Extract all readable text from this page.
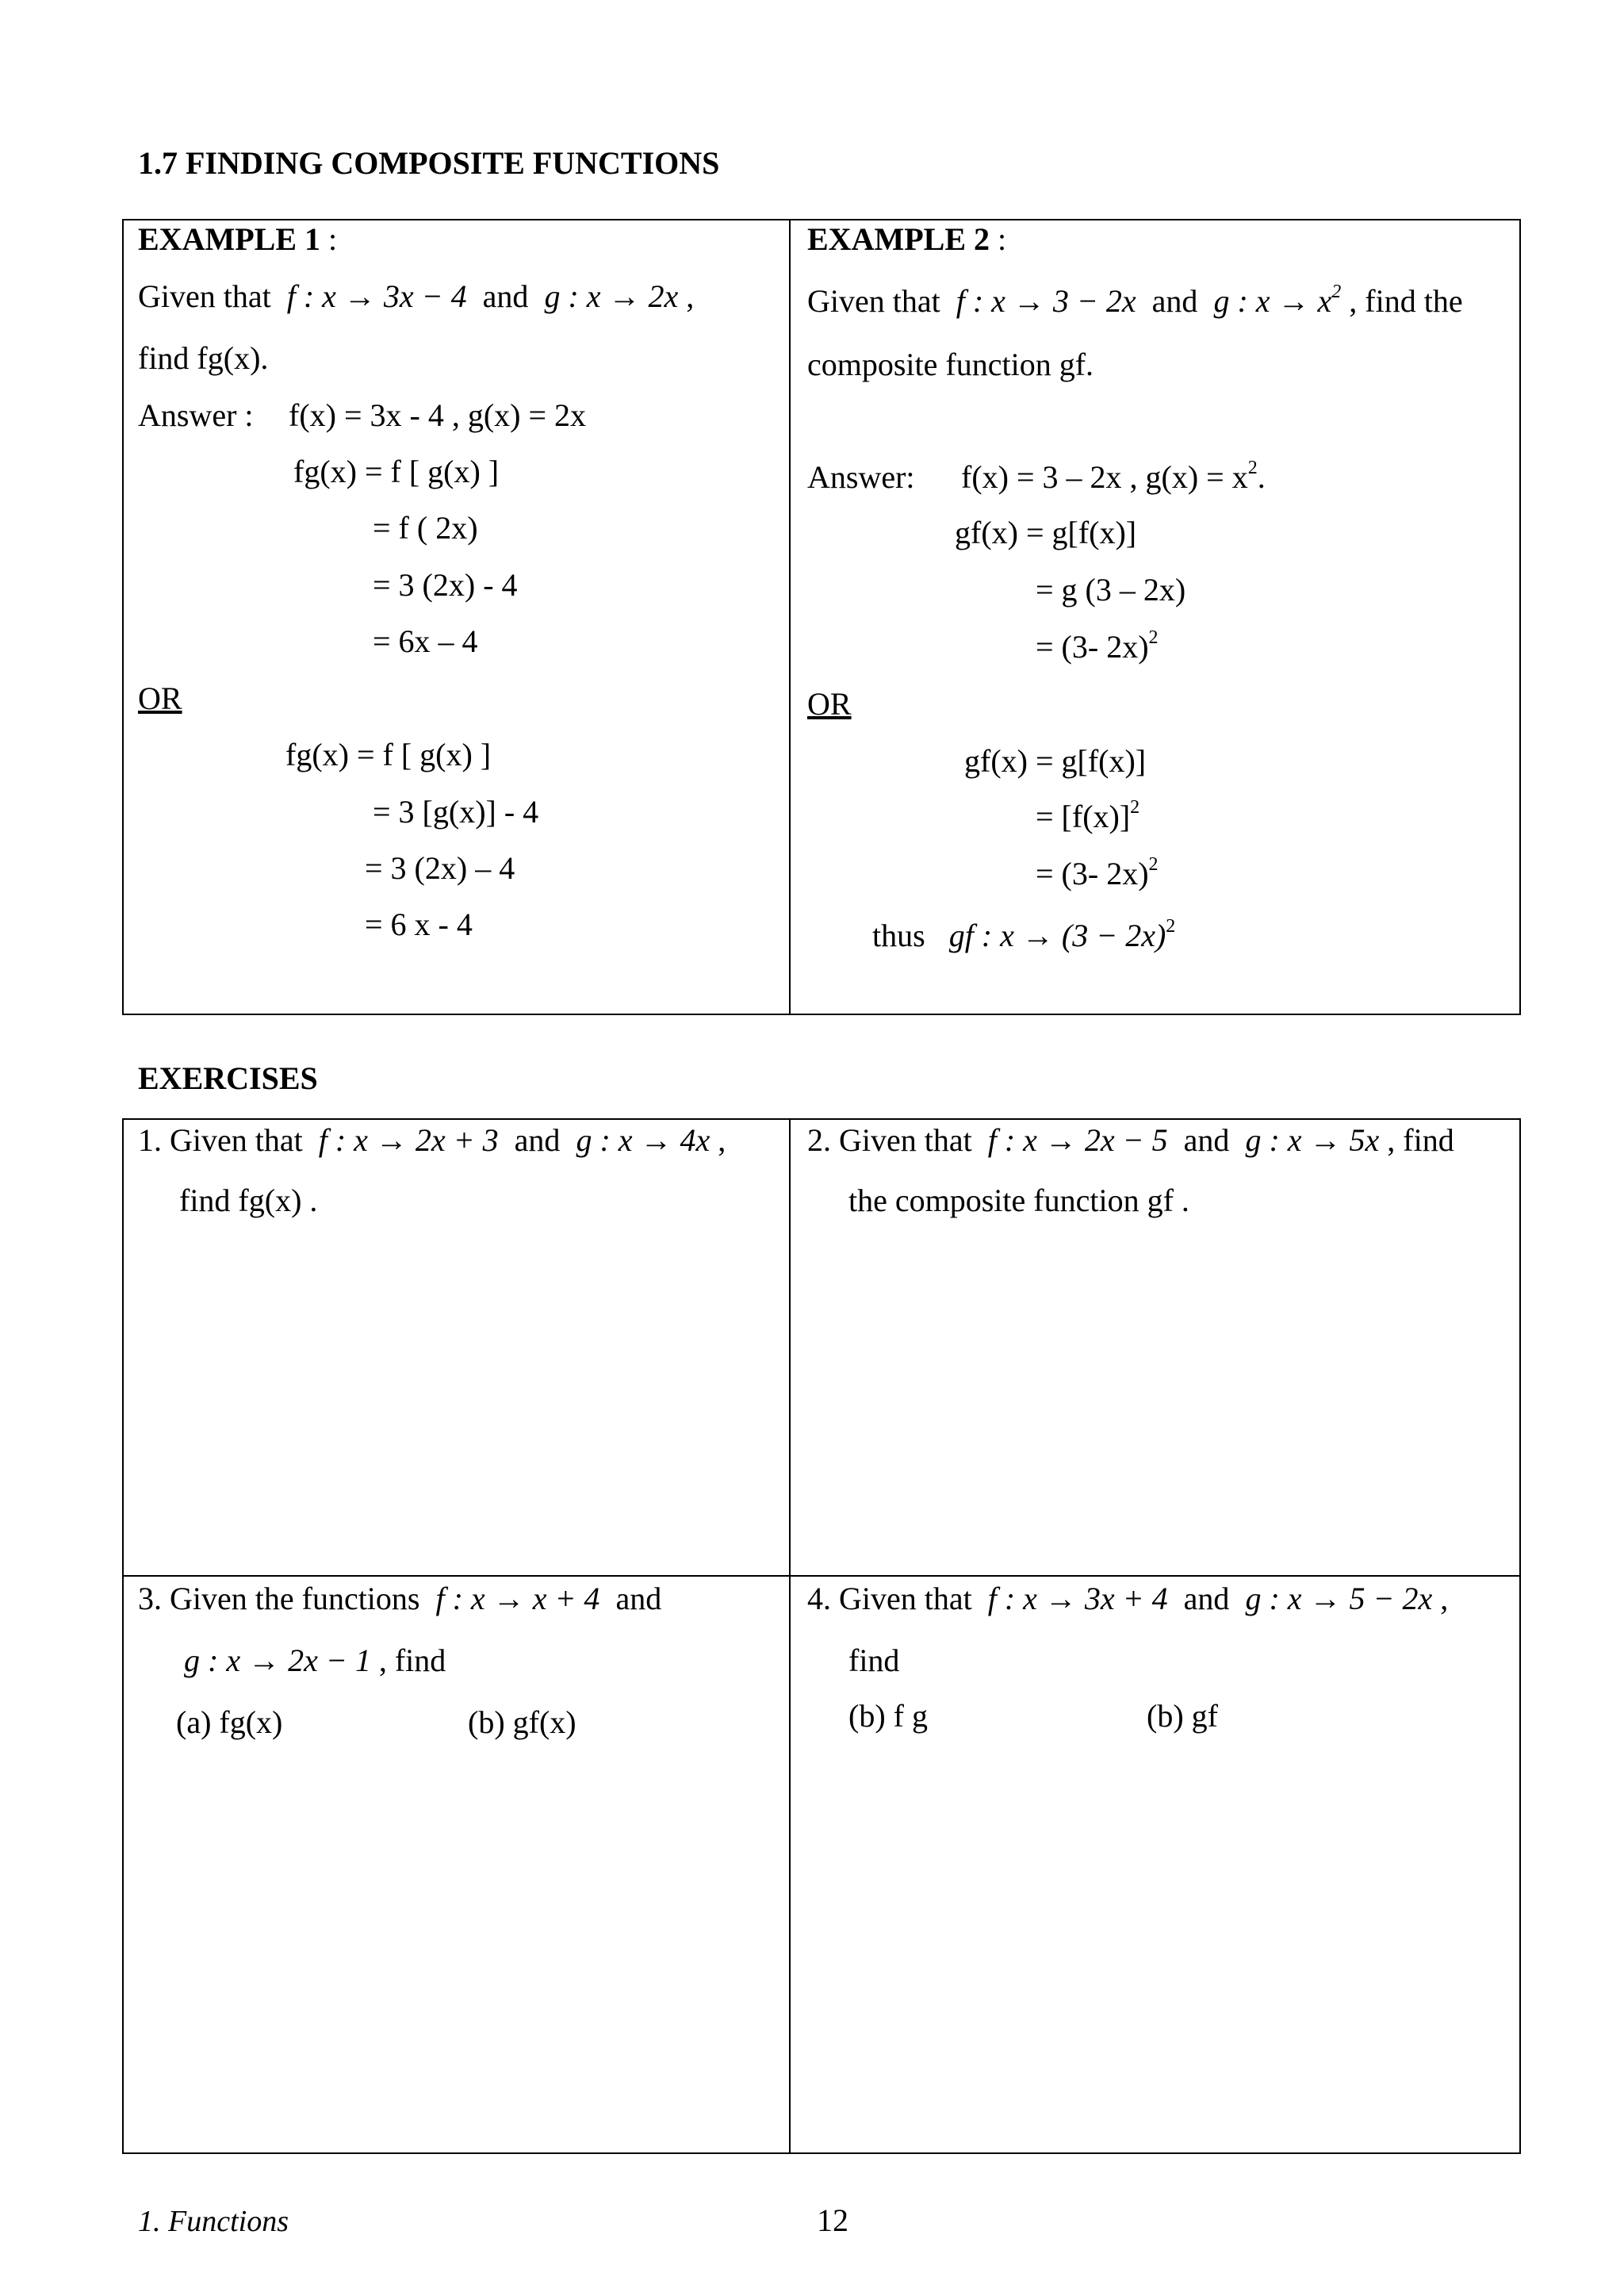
1.7 FINDING COMPOSITE FUNCTIONS
EXAMPLE 1 :
Given that f : x → 3x − 4 and g : x → 2x ,
find fg(x).
Answer : f(x) = 3x - 4 , g(x) = 2x
fg(x) = f [ g(x) ]
= f ( 2x)
= 3 (2x) - 4
= 6x – 4
OR
fg(x) = f [ g(x) ]
= 3 [g(x)] - 4
= 3 (2x) – 4
= 6 x - 4
EXAMPLE 2 :
Given that f : x → 3 − 2x and g : $x \to x^2$ , find the
composite function gf.
Answer: f(x) = 3 – 2x , $g(x) = x^2$.
gf(x) = g[f(x)]
= g (3 – 2x)
= (3- 2x)$^2$
OR
gf(x) = g[f(x)]
= $[f(x)]^2$
= (3- 2x)$^2$
thus gf : $x \to (3 - 2x)^2$
EXERCISES
1. Given that f : x → 2x + 3 and g : x → 4x ,
find fg(x) .
2. Given that f : x → 2x − 5 and g : x → 5x , find
the composite function gf .
3. Given the functions f : x → x + 4 and
g : x → 2x − 1 , find
(a) fg(x)	(b) gf(x)
4. Given that f : x → 3x + 4 and g : x → 5 − 2x ,
find
(b) f g	(b) gf
1. Functions	12
